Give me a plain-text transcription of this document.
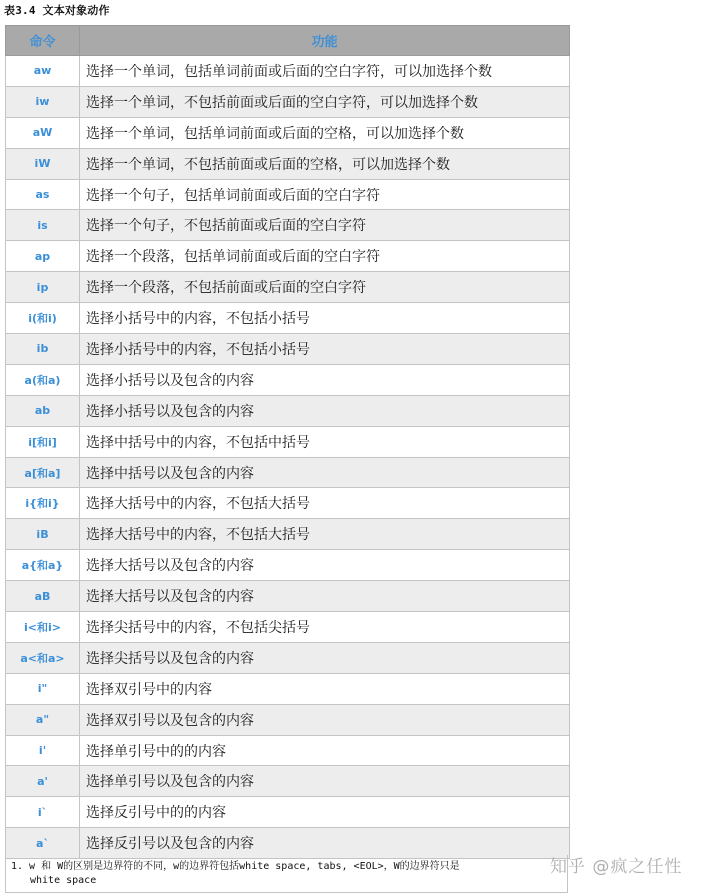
表3.4 文本对象动作
命令	功能
aw	选择一个单词，包括单词前面或后面的空白字符，可以加选择个数
iw	选择一个单词，不包括前面或后面的空白字符，可以加选择个数
aW	选择一个单词，包括单词前面或后面的空格，可以加选择个数
iW	选择一个单词，不包括前面或后面的空格，可以加选择个数
as	选择一个句子，包括单词前面或后面的空白字符
is	选择一个句子，不包括前面或后面的空白字符
ap	选择一个段落，包括单词前面或后面的空白字符
ip	选择一个段落，不包括前面或后面的空白字符
i(和i)	选择小括号中的内容，不包括小括号
ib	选择小括号中的内容，不包括小括号
a(和a)	选择小括号以及包含的内容
ab	选择小括号以及包含的内容
i[和i]	选择中括号中的内容，不包括中括号
a[和a]	选择中括号以及包含的内容
i{和i}	选择大括号中的内容，不包括大括号
iB	选择大括号中的内容，不包括大括号
a{和a}	选择大括号以及包含的内容
aB	选择大括号以及包含的内容
i<和i>	选择尖括号中的内容，不包括尖括号
a<和a>	选择尖括号以及包含的内容
i"	选择双引号中的内容
a"	选择双引号以及包含的内容
i'	选择单引号中的的内容
a'	选择单引号以及包含的内容
i`	选择反引号中的的内容
a`	选择反引号以及包含的内容
1. w 和 W的区别是边界符的不同，w的边界符包括white space, tabs, <EOL>，W的边界符只是
white space
知乎 @疯之任性
